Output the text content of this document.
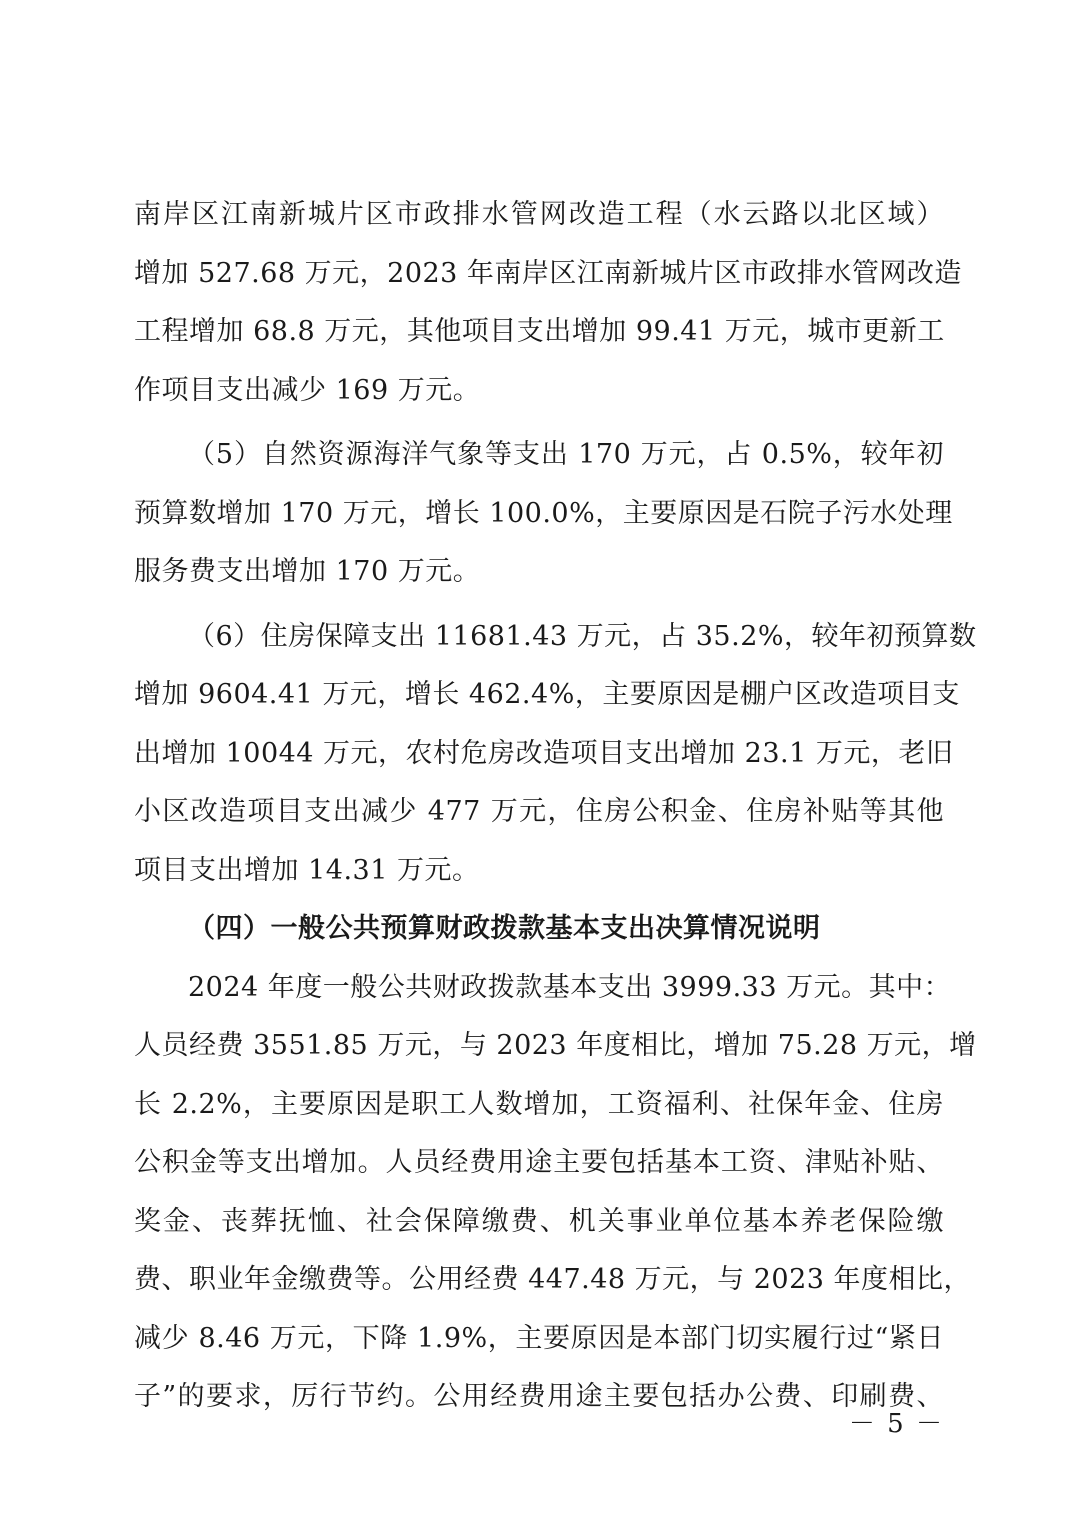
南岸区江南新城片区市政排水管网改造工程（水云路以北区域）
增加 527.68 万元，2023 年南岸区江南新城片区市政排水管网改造
工程增加 68.8 万元，其他项目支出增加 99.41 万元，城市更新工
作项目支出减少 169 万元。
（5）自然资源海洋气象等支出 170 万元，占 0.5%，较年初
预算数增加 170 万元，增长 100.0%，主要原因是石院子污水处理
服务费支出增加 170 万元。
（6）住房保障支出 11681.43 万元，占 35.2%，较年初预算数
增加 9604.41 万元，增长 462.4%，主要原因是棚户区改造项目支
出增加 10044 万元，农村危房改造项目支出增加 23.1 万元，老旧
小区改造项目支出减少 477 万元，住房公积金、住房补贴等其他
项目支出增加 14.31 万元。
（四）一般公共预算财政拨款基本支出决算情况说明
2024 年度一般公共财政拨款基本支出 3999.33 万元。其中：
人员经费 3551.85 万元，与 2023 年度相比，增加 75.28 万元，增
长 2.2%，主要原因是职工人数增加，工资福利、社保年金、住房
公积金等支出增加。人员经费用途主要包括基本工资、津贴补贴、
奖金、丧葬抚恤、社会保障缴费、机关事业单位基本养老保险缴
费、职业年金缴费等。公用经费 447.48 万元，与 2023 年度相比，
减少 8.46 万元，下降 1.9%，主要原因是本部门切实履行过“紧日
子”的要求，厉行节约。公用经费用途主要包括办公费、印刷费、
－ 5 －
